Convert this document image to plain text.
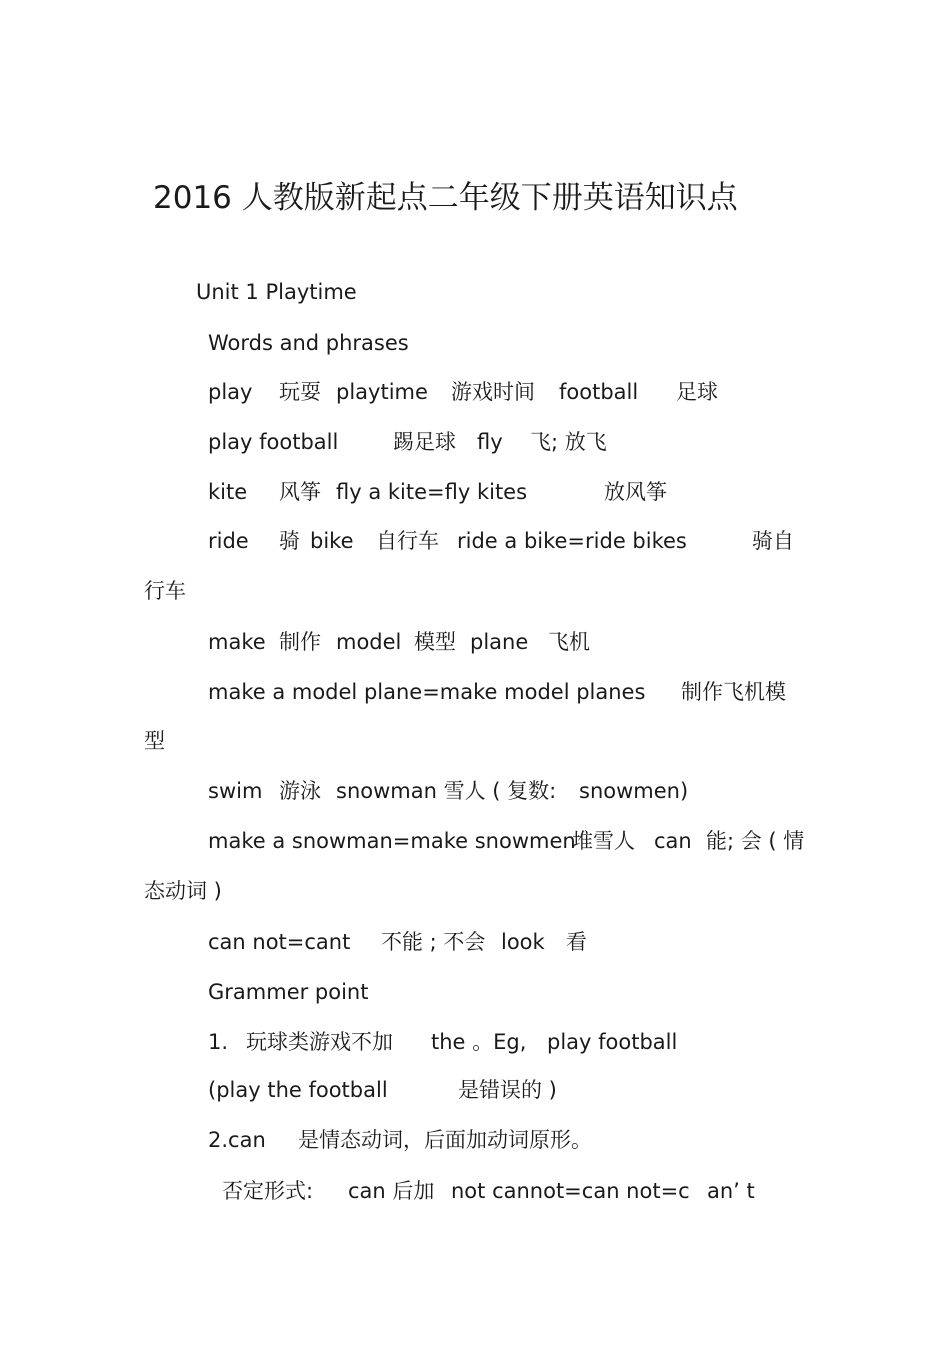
2016 人教版新起点二年级下册英语知识点
Unit 1 Playtime
Words and phrases
play 玩耍 playtime 游戏时间 football 足球
play football	踢足球 fly 飞; 放飞
kite 风筝 fly a kite=fly kites	放风筝
ride 骑 bike 自行车 ride a bike=ride bikes	骑自
行车
make 制作 model 模型 plane 飞机
make a model plane=make model planes 制作飞机模
型
swim 游泳 snowman 雪人 ( 复数: snowmen)
make a snowman=make snowmen
堆雪人 can 能; 会 ( 情
态动词 )
can not=cant 不能 ; 不会 look 看
Grammer point
1. 玩球类游戏不加 the 。Eg, play football
(play the football	是错误的 )
2.can 是情态动词，后面加动词原形。
否定形式: can 后加 not cannot=can not=c an’ t
